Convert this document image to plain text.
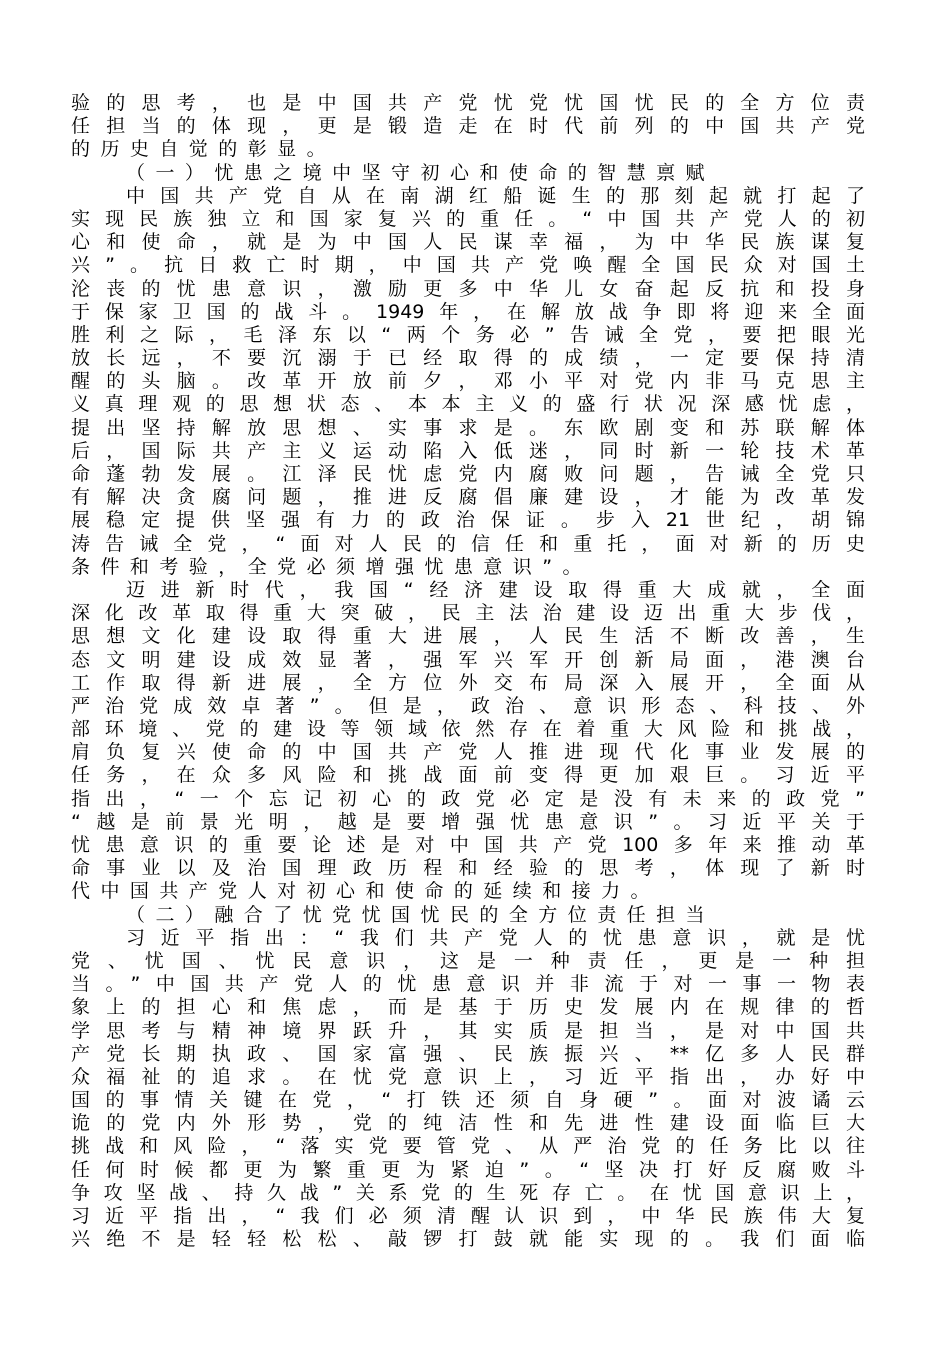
验的思考，也是中国共产党忧党忧国忧民的全方位责
任担当的体现，更是锻造走在时代前列的中国共产党
的历史自觉的彰显。
（一）忧患之境中坚守初心和使命的智慧禀赋
中国共产党自从在南湖红船诞生的那刻起就打起了
实现民族独立和国家复兴的重任。“中国共产党人的初
心和使命，就是为中国人民谋幸福，为中华民族谋复
兴”。抗日救亡时期，中国共产党唤醒全国民众对国土
沦丧的忧患意识，激励更多中华儿女奋起反抗和投身
于保家卫国的战斗。1949年，在解放战争即将迎来全面
胜利之际，毛泽东以“两个务必”告诫全党，要把眼光
放长远，不要沉溺于已经取得的成绩，一定要保持清
醒的头脑。改革开放前夕，邓小平对党内非马克思主
义真理观的思想状态、本本主义的盛行状况深感忧虑，
提出坚持解放思想、实事求是。东欧剧变和苏联解体
后，国际共产主义运动陷入低迷，同时新一轮技术革
命蓬勃发展。江泽民忧虑党内腐败问题，告诫全党只
有解决贪腐问题，推进反腐倡廉建设，才能为改革发
展稳定提供坚强有力的政治保证。步入21世纪，胡锦
涛告诫全党，“面对人民的信任和重托，面对新的历史
条件和考验，全党必须增强忧患意识”。
迈进新时代，我国“经济建设取得重大成就，全面
深化改革取得重大突破，民主法治建设迈出重大步伐，
思想文化建设取得重大进展，人民生活不断改善，生
态文明建设成效显著，强军兴军开创新局面，港澳台
工作取得新进展，全方位外交布局深入展开，全面从
严治党成效卓著”。但是，政治、意识形态、科技、外
部环境、党的建设等领域依然存在着重大风险和挑战，
肩负复兴使命的中国共产党人推进现代化事业发展的
任务，在众多风险和挑战面前变得更加艰巨。习近平
指出，“一个忘记初心的政党必定是没有未来的政党”
“越是前景光明，越是要增强忧患意识”。习近平关于
忧患意识的重要论述是对中国共产党100多年来推动革
命事业以及治国理政历程和经验的思考，体现了新时
代中国共产党人对初心和使命的延续和接力。
（二）融合了忧党忧国忧民的全方位责任担当
习近平指出：“我们共产党人的忧患意识，就是忧
党、忧国、忧民意识，这是一种责任，更是一种担
当。”中国共产党人的忧患意识并非流于对一事一物表
象上的担心和焦虑，而是基于历史发展内在规律的哲
学思考与精神境界跃升，其实质是担当，是对中国共
产党长期执政、国家富强、民族振兴、**亿多人民群
众福祉的追求。在忧党意识上，习近平指出，办好中
国的事情关键在党，“打铁还须自身硬”。面对波谲云
诡的党内外形势，党的纯洁性和先进性建设面临巨大
挑战和风险，“落实党要管党、从严治党的任务比以往
任何时候都更为繁重更为紧迫”。“坚决打好反腐败斗
争攻坚战、持久战”关系党的生死存亡。在忧国意识上，
习近平指出，“我们必须清醒认识到，中华民族伟大复
兴绝不是轻轻松松、敲锣打鼓就能实现的。我们面临
